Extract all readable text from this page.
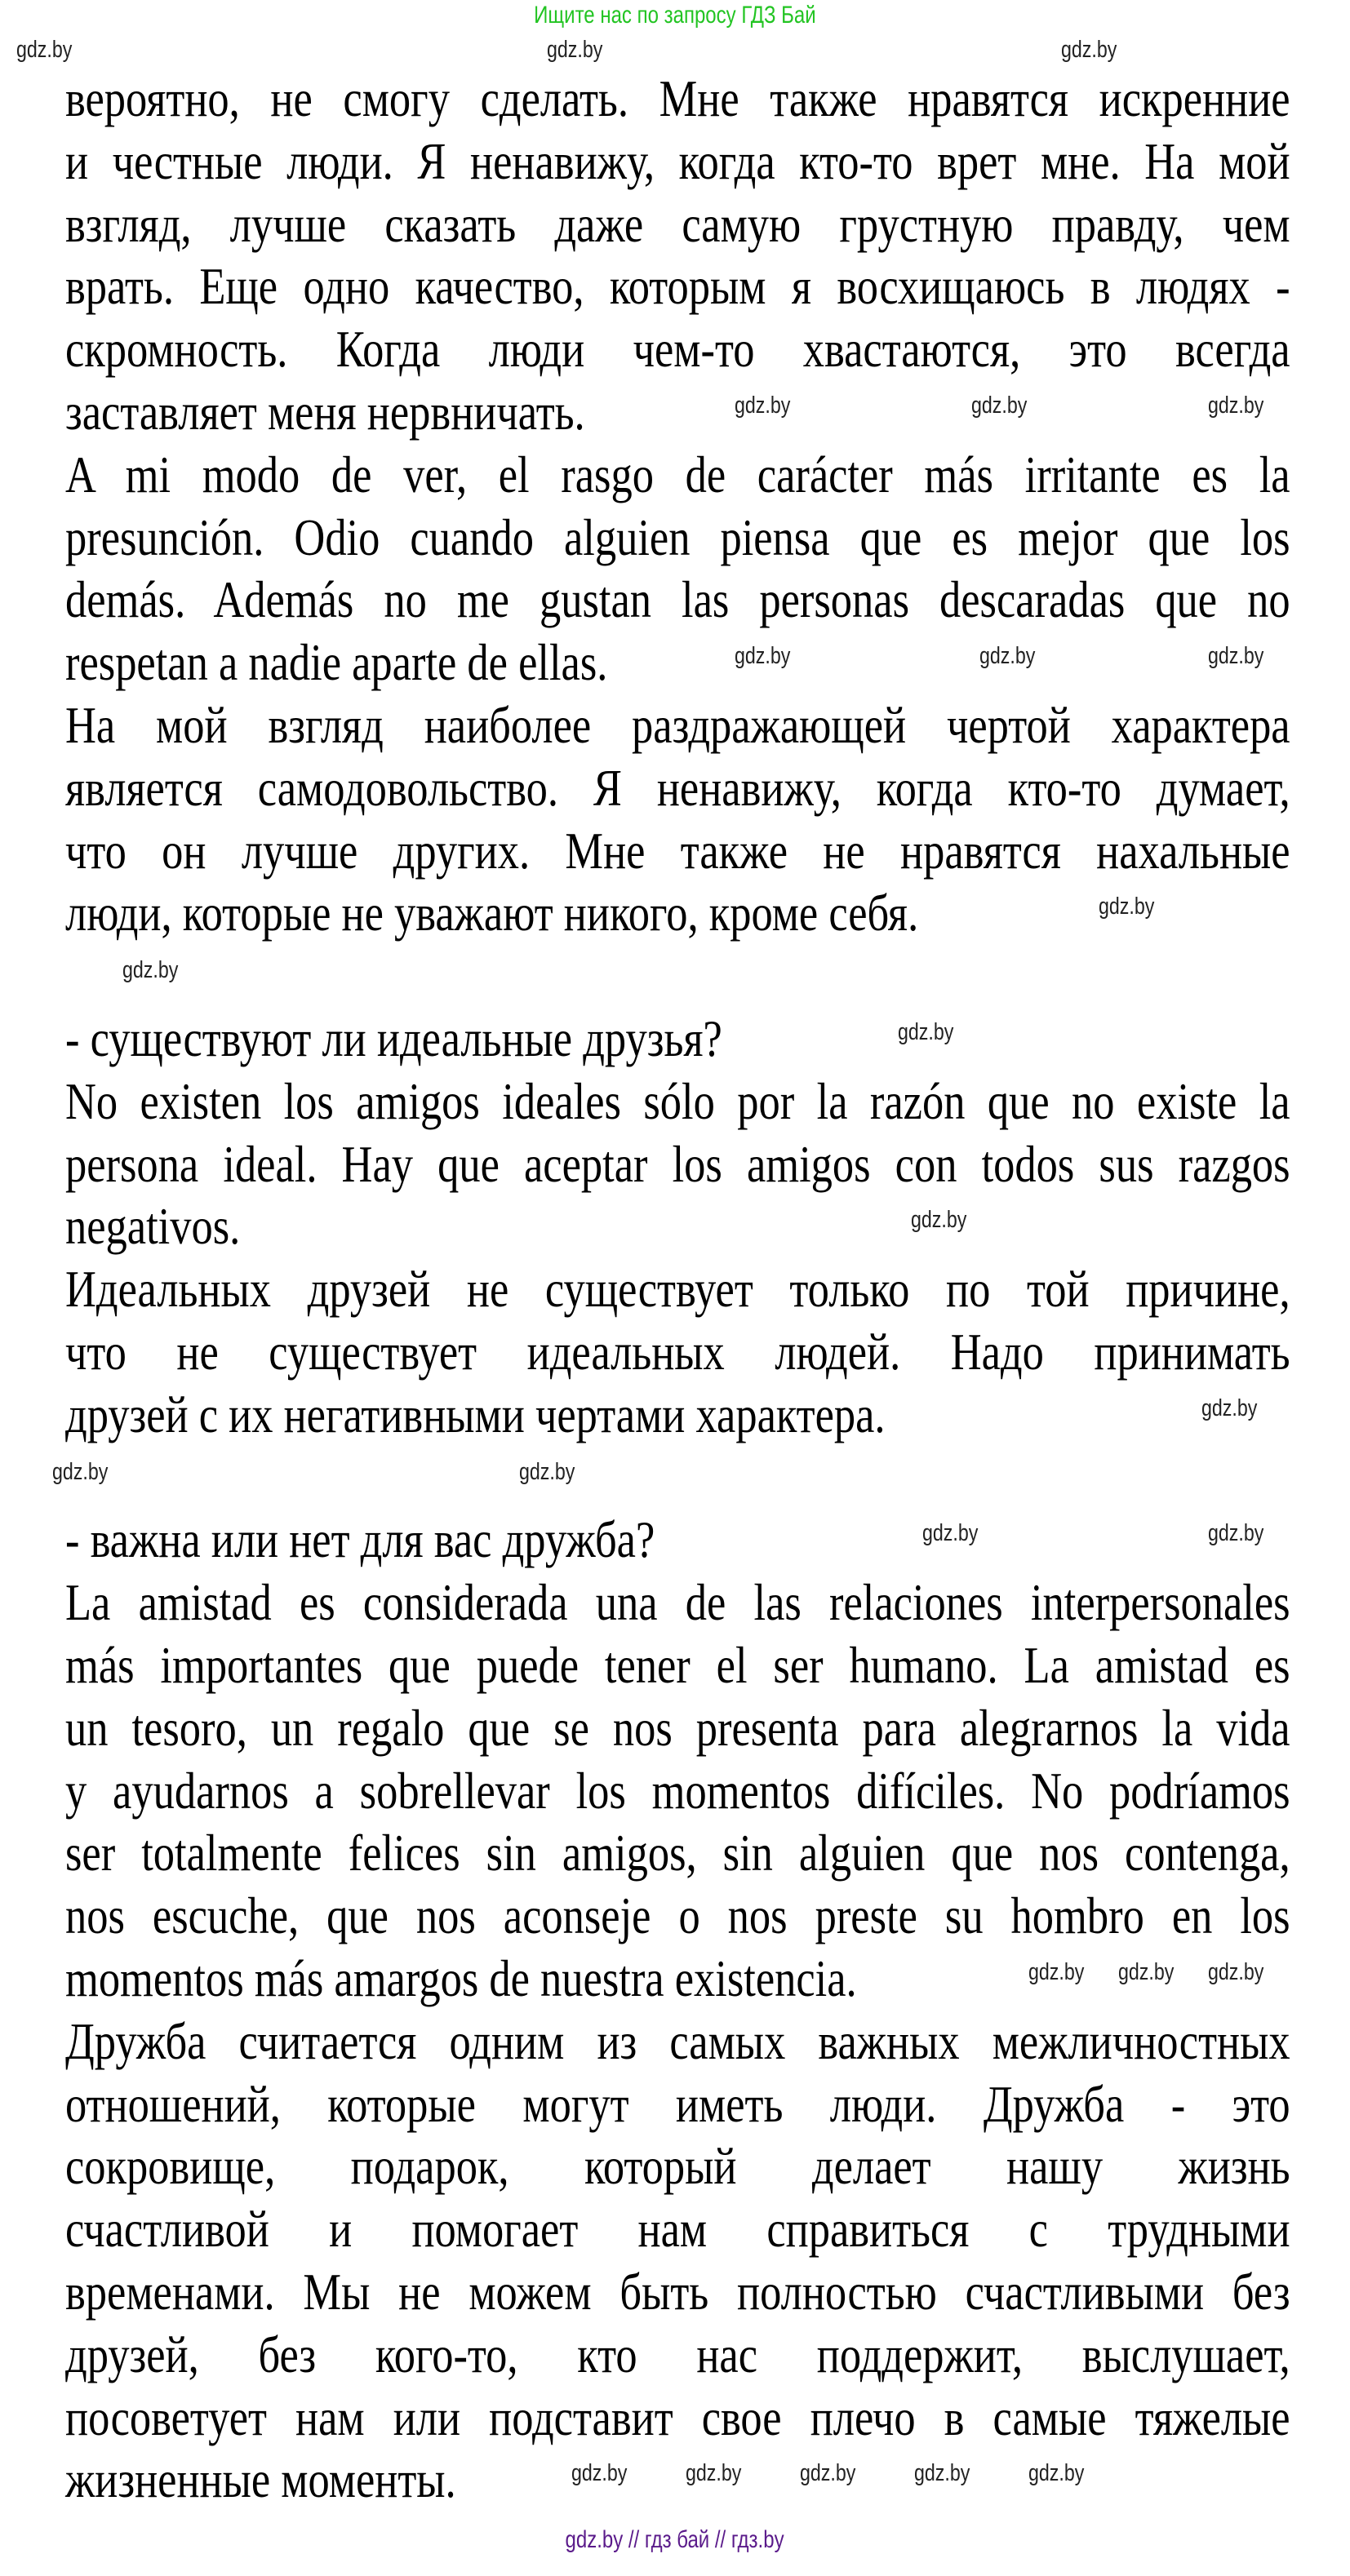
Ищите нас по запросу ГДЗ Бай
вероятно, не смогу сделать. Мне также нравятся искренние
и честные люди. Я ненавижу, когда кто-то врет мне. На мой
взгляд, лучше сказать даже самую грустную правду, чем
врать. Еще одно качество, которым я восхищаюсь в людях -
скромность. Когда люди чем-то хвастаются, это всегда
заставляет меня нервничать.
A mi modo de ver, el rasgo de carácter más irritante es la
presunción. Odio cuando alguien piensa que es mejor que los
demás. Además no me gustan las personas descaradas que no
respetan a nadie aparte de ellas.
На мой взгляд наиболее раздражающей чертой характера
является самодовольство. Я ненавижу, когда кто-то думает,
что он лучше других. Мне также не нравятся нахальные
люди, которые не уважают никого, кроме себя.
- существуют ли идеальные друзья?
No existen los amigos ideales sólo por la razón que no existe la
persona ideal. Hay que aceptar los amigos con todos sus razgos
negativos.
Идеальных друзей не существует только по той причине,
что не существует идеальных людей. Надо принимать
друзей с их негативными чертами характера.
- важна или нет для вас дружба?
La amistad es considerada una de las relaciones interpersonales
más importantes que puede tener el ser humano. La amistad es
un tesoro, un regalo que se nos presenta para alegrarnos la vida
y ayudarnos a sobrellevar los momentos difíciles. No podríamos
ser totalmente felices sin amigos, sin alguien que nos contenga,
nos escuche, que nos aconseje o nos preste su hombro en los
momentos más amargos de nuestra existencia.
Дружба считается одним из самых важных межличностных
отношений, которые могут иметь люди. Дружба - это
сокровище, подарок, который делает нашу жизнь
счастливой и помогает нам справиться с трудными
временами. Мы не можем быть полностью счастливыми без
друзей, без кого-то, кто нас поддержит, выслушает,
посоветует нам или подставит свое плечо в самые тяжелые
жизненные моменты.
gdz.by
gdz.by	gdz.by
gdz.by	gdz.by	gdz.by
gdz.by	gdz.by	gdz.by
gdz.by
gdz.by
gdz.by
gdz.by
gdz.by
gdz.by	gdz.by
gdz.by	gdz.by
gdz.by gdz.by gdz.by
gdz.by gdz.by gdz.by gdz.by gdz.by
gdz.by // гдз бай // гдз.by
